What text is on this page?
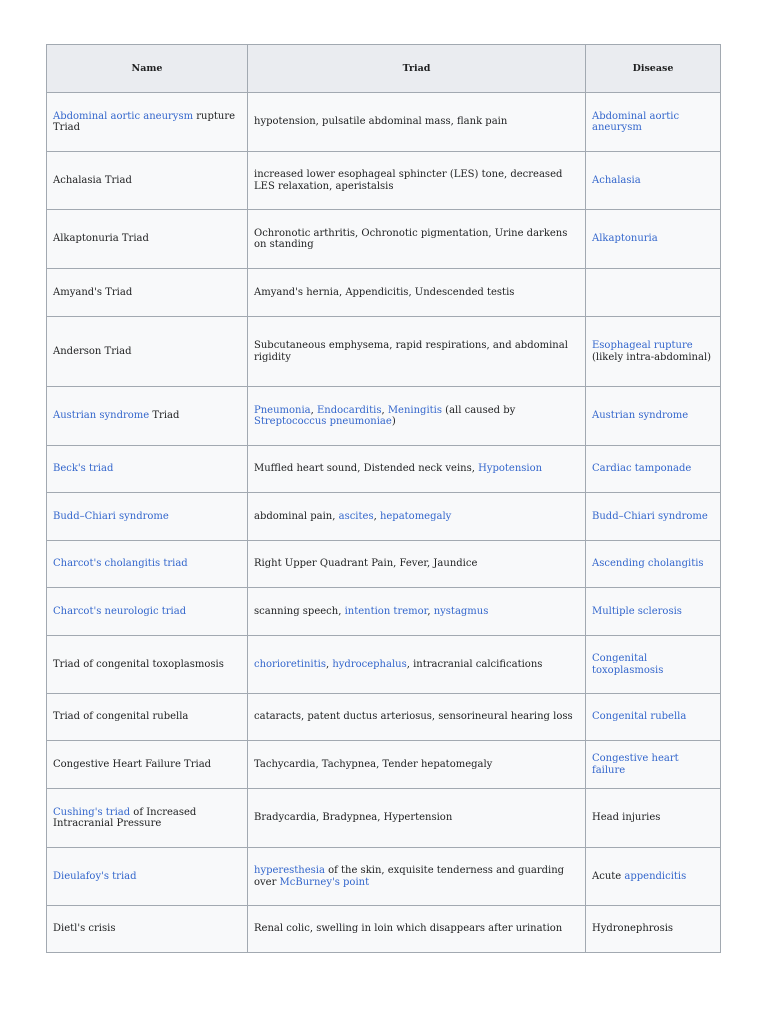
Name	Triad	Disease
Abdominal aortic aneurysm rupture Triad	hypotension, pulsatile abdominal mass, flank pain	Abdominal aortic aneurysm
Achalasia Triad	increased lower esophageal sphincter (LES) tone, decreased LES relaxation, aperistalsis	Achalasia
Alkaptonuria Triad	Ochronotic arthritis, Ochronotic pigmentation, Urine darkens on standing	Alkaptonuria
Amyand's Triad	Amyand's hernia, Appendicitis, Undescended testis	
Anderson Triad	Subcutaneous emphysema, rapid respirations, and abdominal rigidity	Esophageal rupture (likely intra-abdominal)
Austrian syndrome Triad	Pneumonia, Endocarditis, Meningitis (all caused by Streptococcus pneumoniae)	Austrian syndrome
Beck's triad	Muffled heart sound, Distended neck veins, Hypotension	Cardiac tamponade
Budd–Chiari syndrome	abdominal pain, ascites, hepatomegaly	Budd–Chiari syndrome
Charcot's cholangitis triad	Right Upper Quadrant Pain, Fever, Jaundice	Ascending cholangitis
Charcot's neurologic triad	scanning speech, intention tremor, nystagmus	Multiple sclerosis
Triad of congenital toxoplasmosis	chorioretinitis, hydrocephalus, intracranial calcifications	Congenital toxoplasmosis
Triad of congenital rubella	cataracts, patent ductus arteriosus, sensorineural hearing loss	Congenital rubella
Congestive Heart Failure Triad	Tachycardia, Tachypnea, Tender hepatomegaly	Congestive heart failure
Cushing's triad of Increased Intracranial Pressure	Bradycardia, Bradypnea, Hypertension	Head injuries
Dieulafoy's triad	hyperesthesia of the skin, exquisite tenderness and guarding over McBurney's point	Acute appendicitis
Dietl's crisis	Renal colic, swelling in loin which disappears after urination	Hydronephrosis
